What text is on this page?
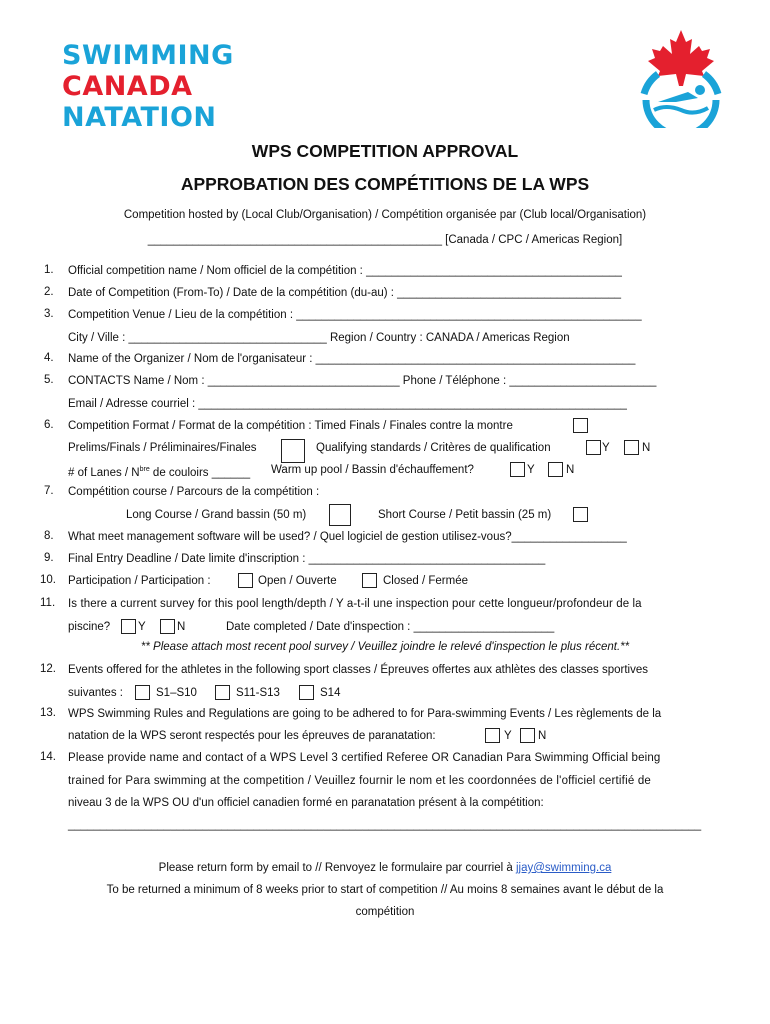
SWIMMING
CANADA
NATATION
WPS COMPETITION APPROVAL
APPROBATION DES COMPÉTITIONS DE LA WPS
Competition hosted by (Local Club/Organisation) / Compétition organisée par (Club local/Organisation)
______________________________________________ [Canada / CPC / Americas Region]
1. Official competition name / Nom officiel de la compétition : ________________________________________
2. Date of Competition (From-To) / Date de la compétition (du-au) : ___________________________________
3. Competition Venue / Lieu de la compétition : ______________________________________________________
City / Ville : _______________________________ Region / Country : CANADA / Americas Region
4. Name of the Organizer / Nom de l'organisateur : __________________________________________________
5. CONTACTS Name / Nom : ______________________________ Phone / Téléphone : _______________________
Email / Adresse courriel : ___________________________________________________________________
6. Competition Format / Format de la compétition : Timed Finals / Finales contre la montre
Prelims/Finals / Préliminaires/Finales	Qualifying standards / Critères de qualification	Y	N
# of Lanes / $N^{bre}$ de couloirs ______ Warm up pool / Bassin d'échauffement?	Y	N
7. Compétition course / Parcours de la compétition :
Long Course / Grand bassin (50 m)	Short Course / Petit bassin (25 m)
8. What meet management software will be used? / Quel logiciel de gestion utilisez-vous?__________________
9. Final Entry Deadline / Date limite d'inscription : _____________________________________
10. Participation / Participation :	Open / Ouverte	Closed / Fermée
11. Is there a current survey for this pool length/depth / Y a-t-il une inspection pour cette longueur/profondeur de la
piscine? Y	N	Date completed / Date d'inspection : ______________________
** Please attach most recent pool survey / Veuillez joindre le relevé d'inspection le plus récent.**
12. Events offered for the athletes in the following sport classes / Épreuves offertes aux athlètes des classes sportives
suivantes :	S1–S10	S11-S13	S14
13. WPS Swimming Rules and Regulations are going to be adhered to for Para-swimming Events / Les règlements de la
natation de la WPS seront respectés pour les épreuves de paranatation:	Y N
14. Please provide name and contact of a WPS Level 3 certified Referee OR Canadian Para Swimming Official being
trained for Para swimming at the competition / Veuillez fournir le nom et les coordonnées de l'officiel certifié de
niveau 3 de la WPS OU d'un officiel canadien formé en paranatation présent à la compétition:
___________________________________________________________________________________________________
Please return form by email to // Renvoyez le formulaire par courriel à jjay@swimming.ca
To be returned a minimum of 8 weeks prior to start of competition // Au moins 8 semaines avant le début de la
compétition
